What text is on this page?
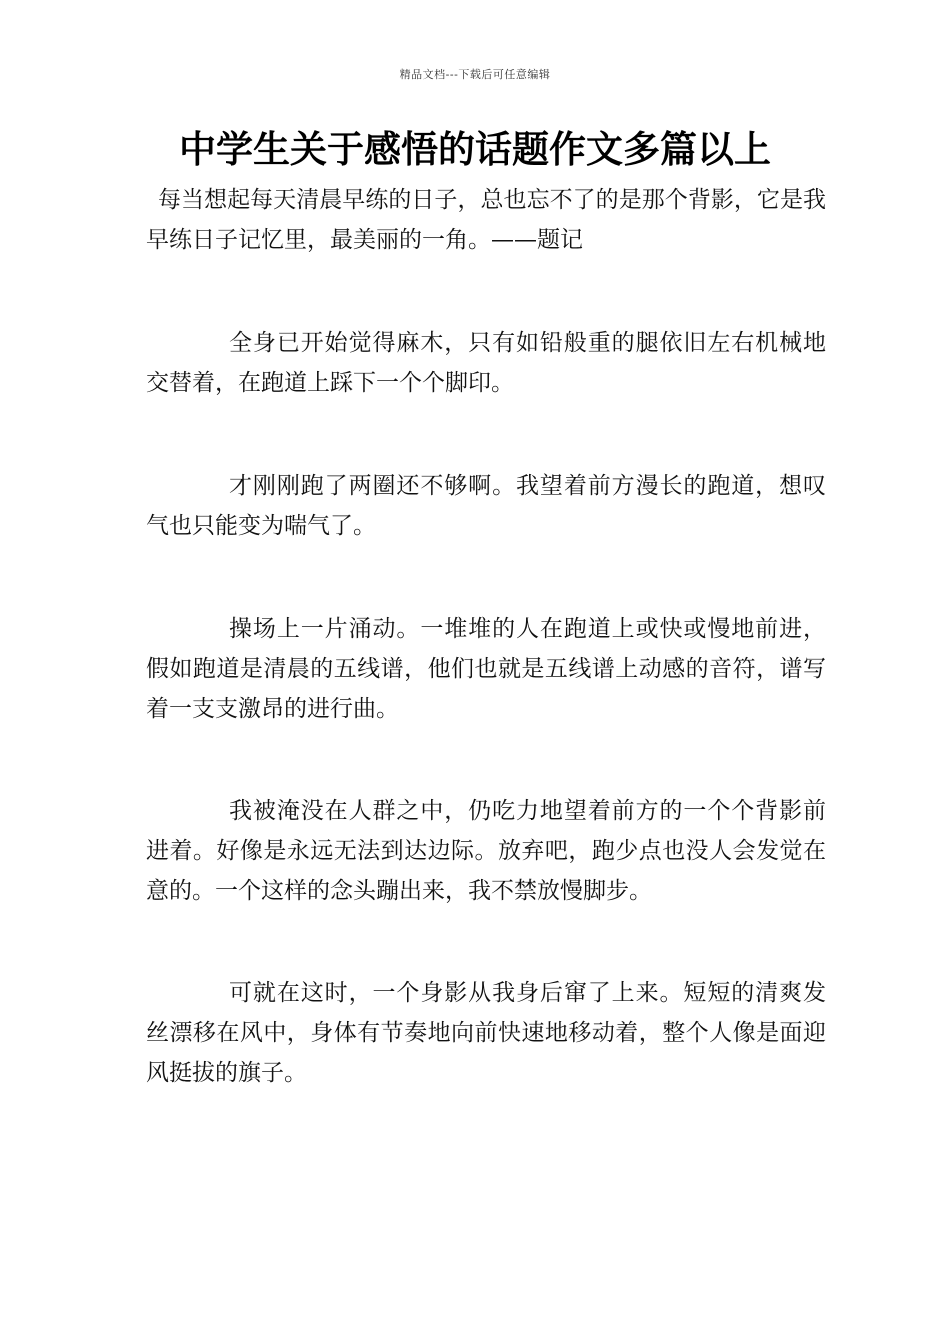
精品文档---下载后可任意编辑
中学生关于感悟的话题作文多篇以上

每当想起每天清晨早练的日子，总也忘不了的是那个背影，它是我早练日子记忆里，最美丽的一角。——题记

全身已开始觉得麻木，只有如铅般重的腿依旧左右机械地交替着，在跑道上踩下一个个脚印。

才刚刚跑了两圈还不够啊。我望着前方漫长的跑道，想叹气也只能变为喘气了。

操场上一片涌动。一堆堆的人在跑道上或快或慢地前进，假如跑道是清晨的五线谱，他们也就是五线谱上动感的音符，谱写着一支支激昂的进行曲。

我被淹没在人群之中，仍吃力地望着前方的一个个背影前进着。好像是永远无法到达边际。放弃吧，跑少点也没人会发觉在意的。一个这样的念头蹦出来，我不禁放慢脚步。

可就在这时，一个身影从我身后窜了上来。短短的清爽发丝漂移在风中，身体有节奏地向前快速地移动着，整个人像是面迎风挺拔的旗子。
